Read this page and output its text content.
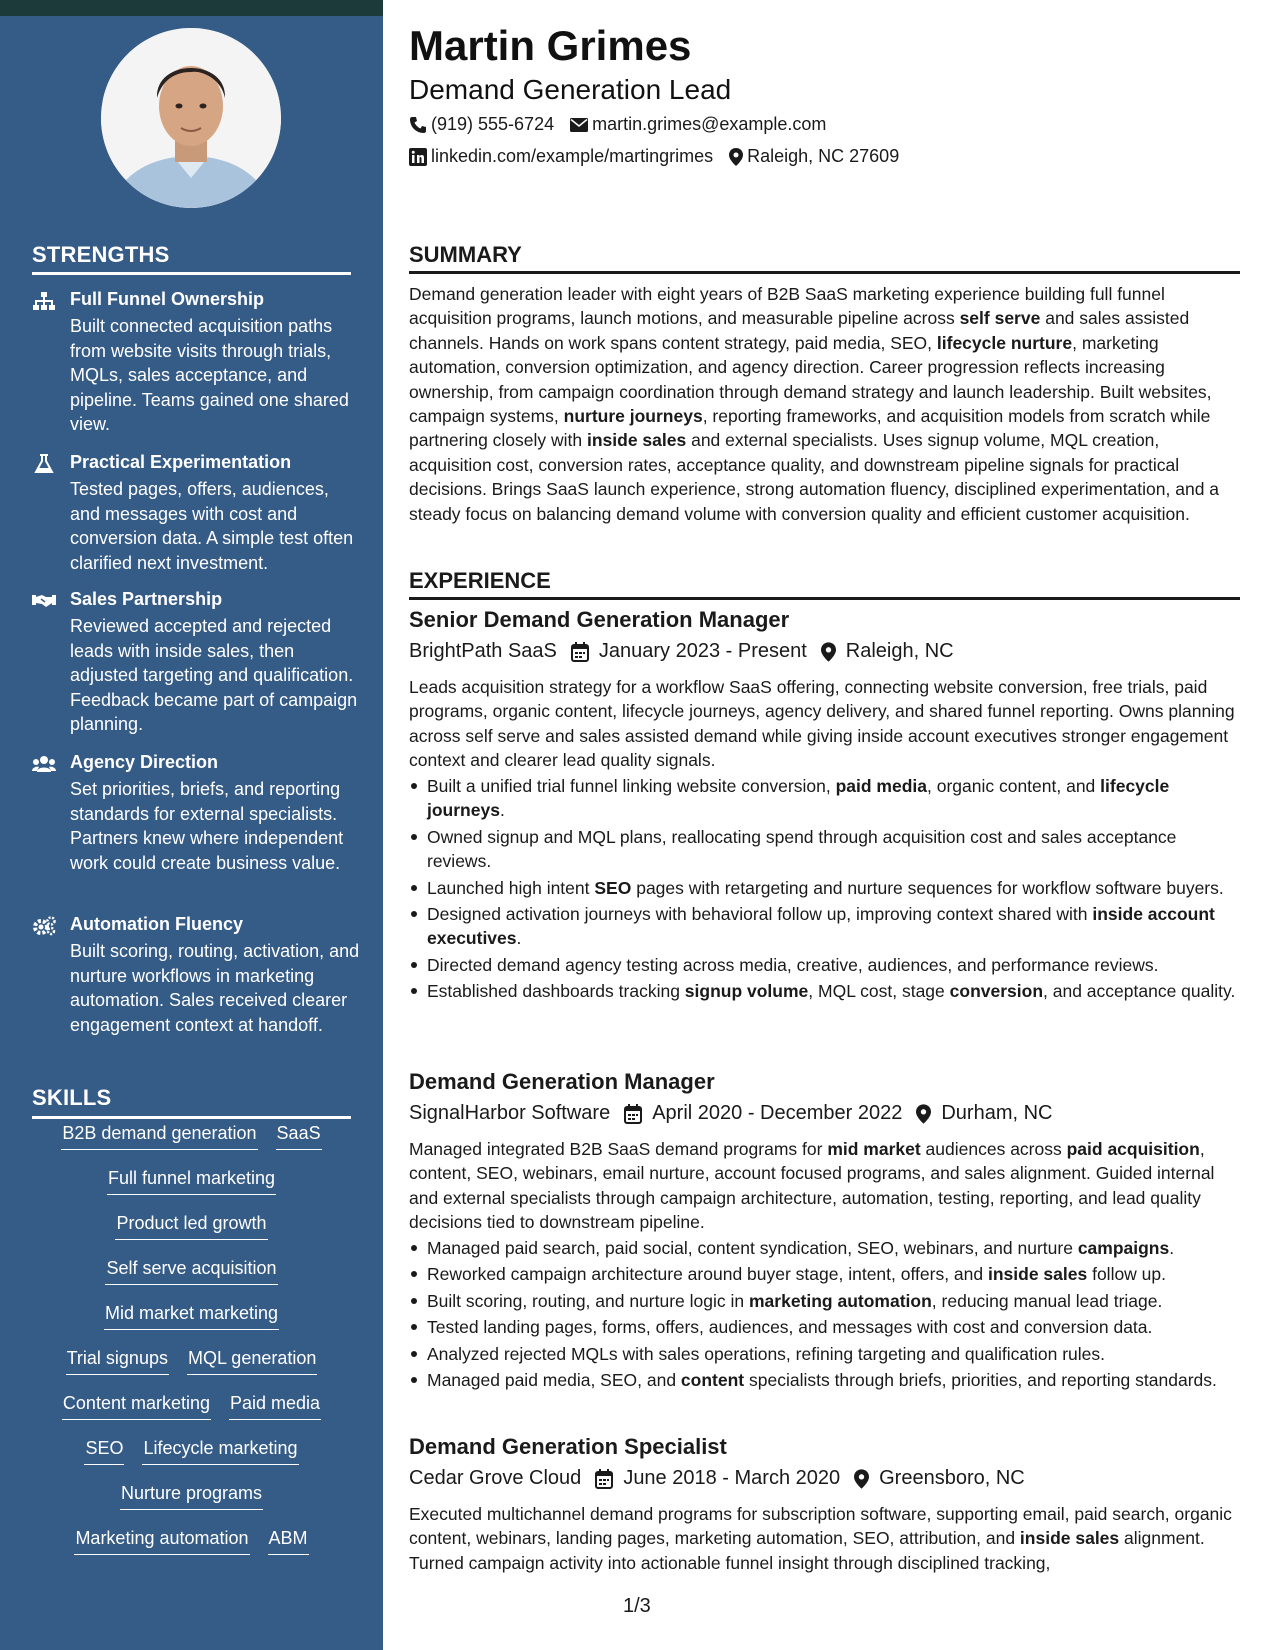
STRENGTHS
Full Funnel Ownership
Built connected acquisition paths from website visits through trials, MQLs, sales acceptance, and pipeline. Teams gained one shared view.
Practical Experimentation
Tested pages, offers, audiences, and messages with cost and conversion data. A simple test often clarified next investment.
Sales Partnership
Reviewed accepted and rejected leads with inside sales, then adjusted targeting and qualification. Feedback became part of campaign planning.
Agency Direction
Set priorities, briefs, and reporting standards for external specialists. Partners knew where independent work could create business value.
Automation Fluency
Built scoring, routing, activation, and nurture workflows in marketing automation. Sales received clearer engagement context at handoff.
SKILLS
B2B demand generation SaaS
Full funnel marketing
Product led growth
Self serve acquisition
Mid market marketing
Trial signups MQL generation
Content marketing Paid media
SEO Lifecycle marketing
Nurture programs
Marketing automation ABM
Martin Grimes
Demand Generation Lead
(919) 555-6724 martin.grimes@example.com
linkedin.com/example/martingrimes Raleigh, NC 27609
SUMMARY
Demand generation leader with eight years of B2B SaaS marketing experience building full funnel acquisition programs, launch motions, and measurable pipeline across self serve and sales assisted channels. Hands on work spans content strategy, paid media, SEO, lifecycle nurture, marketing automation, conversion optimization, and agency direction. Career progression reflects increasing ownership, from campaign coordination through demand strategy and launch leadership. Built websites, campaign systems, nurture journeys, reporting frameworks, and acquisition models from scratch while partnering closely with inside sales and external specialists. Uses signup volume, MQL creation, acquisition cost, conversion rates, acceptance quality, and downstream pipeline signals for practical decisions. Brings SaaS launch experience, strong automation fluency, disciplined experimentation, and a steady focus on balancing demand volume with conversion quality and efficient customer acquisition.
EXPERIENCE
Senior Demand Generation Manager
BrightPath SaaS January 2023 - Present Raleigh, NC
Leads acquisition strategy for a workflow SaaS offering, connecting website conversion, free trials, paid programs, organic content, lifecycle journeys, agency delivery, and shared funnel reporting. Owns planning across self serve and sales assisted demand while giving inside account executives stronger engagement context and clearer lead quality signals.
Built a unified trial funnel linking website conversion, paid media, organic content, and lifecycle journeys.
Owned signup and MQL plans, reallocating spend through acquisition cost and sales acceptance reviews.
Launched high intent SEO pages with retargeting and nurture sequences for workflow software buyers.
Designed activation journeys with behavioral follow up, improving context shared with inside account executives.
Directed demand agency testing across media, creative, audiences, and performance reviews.
Established dashboards tracking signup volume, MQL cost, stage conversion, and acceptance quality.
Demand Generation Manager
SignalHarbor Software April 2020 - December 2022 Durham, NC
Managed integrated B2B SaaS demand programs for mid market audiences across paid acquisition, content, SEO, webinars, email nurture, account focused programs, and sales alignment. Guided internal and external specialists through campaign architecture, automation, testing, reporting, and lead quality decisions tied to downstream pipeline.
Managed paid search, paid social, content syndication, SEO, webinars, and nurture campaigns.
Reworked campaign architecture around buyer stage, intent, offers, and inside sales follow up.
Built scoring, routing, and nurture logic in marketing automation, reducing manual lead triage.
Tested landing pages, forms, offers, audiences, and messages with cost and conversion data.
Analyzed rejected MQLs with sales operations, refining targeting and qualification rules.
Managed paid media, SEO, and content specialists through briefs, priorities, and reporting standards.
Demand Generation Specialist
Cedar Grove Cloud June 2018 - March 2020 Greensboro, NC
Executed multichannel demand programs for subscription software, supporting email, paid search, organic content, webinars, landing pages, marketing automation, SEO, attribution, and inside sales alignment. Turned campaign activity into actionable funnel insight through disciplined tracking,
1/3
